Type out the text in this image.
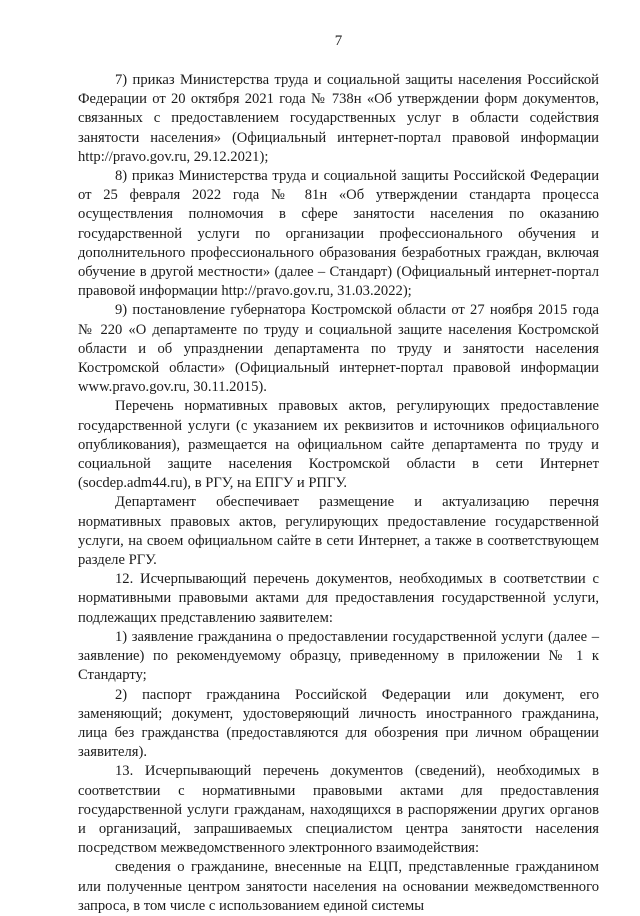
7

7) приказ Министерства труда и социальной защиты населения Российской Федерации от 20 октября 2021 года № 738н «Об утверждении форм документов, связанных с предоставлением государственных услуг в области содействия занятости населения» (Официальный интернет-портал правовой информации http://pravo.gov.ru, 29.12.2021);

8) приказ Министерства труда и социальной защиты Российской Федерации от 25 февраля 2022 года № 81н «Об утверждении стандарта процесса осуществления полномочия в сфере занятости населения по оказанию государственной услуги по организации профессионального обучения и дополнительного профессионального образования безработных граждан, включая обучение в другой местности» (далее – Стандарт) (Официальный интернет-портал правовой информации http://pravo.gov.ru, 31.03.2022);

9) постановление губернатора Костромской области от 27 ноября 2015 года № 220 «О департаменте по труду и социальной защите населения Костромской области и об упразднении департамента по труду и занятости населения Костромской области» (Официальный интернет-портал правовой информации www.pravo.gov.ru, 30.11.2015).

Перечень нормативных правовых актов, регулирующих предоставление государственной услуги (с указанием их реквизитов и источников официального опубликования), размещается на официальном сайте департамента по труду и социальной защите населения Костромской области в сети Интернет (socdep.adm44.ru), в РГУ, на ЕПГУ и РПГУ.

Департамент обеспечивает размещение и актуализацию перечня нормативных правовых актов, регулирующих предоставление государственной услуги, на своем официальном сайте в сети Интернет, а также в соответствующем разделе РГУ.

12. Исчерпывающий перечень документов, необходимых в соответствии с нормативными правовыми актами для предоставления государственной услуги, подлежащих представлению заявителем:

1) заявление гражданина о предоставлении государственной услуги (далее – заявление) по рекомендуемому образцу, приведенному в приложении № 1 к Стандарту;

2) паспорт гражданина Российской Федерации или документ, его заменяющий; документ, удостоверяющий личность иностранного гражданина, лица без гражданства (предоставляются для обозрения при личном обращении заявителя).

13. Исчерпывающий перечень документов (сведений), необходимых в соответствии с нормативными правовыми актами для предоставления государственной услуги гражданам, находящихся в распоряжении других органов и организаций, запрашиваемых специалистом центра занятости населения посредством межведомственного электронного взаимодействия:

сведения о гражданине, внесенные на ЕЦП, представленные гражданином или полученные центром занятости населения на основании межведомственного запроса, в том числе с использованием единой системы
